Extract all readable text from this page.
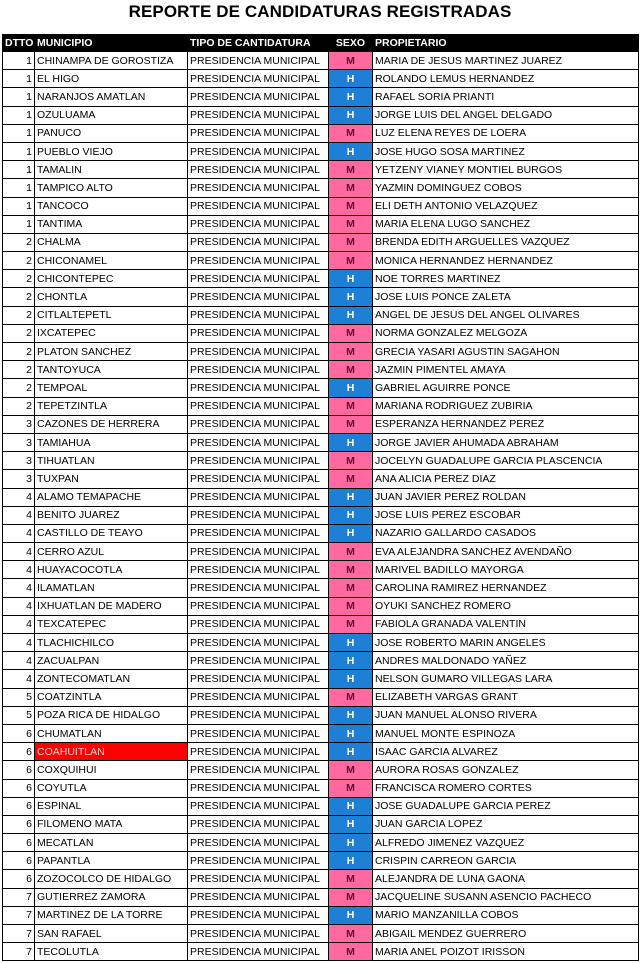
REPORTE DE CANDIDATURAS REGISTRADAS
DTTO	MUNICIPIO	TIPO DE CANTIDATURA	SEXO	PROPIETARIO
1	CHINAMPA DE GOROSTIZA	PRESIDENCIA MUNICIPAL	M	MARIA DE JESUS MARTINEZ JUAREZ
1	EL HIGO	PRESIDENCIA MUNICIPAL	H	ROLANDO LEMUS HERNANDEZ
1	NARANJOS AMATLAN	PRESIDENCIA MUNICIPAL	H	RAFAEL SORIA PRIANTI
1	OZULUAMA	PRESIDENCIA MUNICIPAL	H	JORGE LUIS DEL ANGEL DELGADO
1	PANUCO	PRESIDENCIA MUNICIPAL	M	LUZ ELENA REYES DE LOERA
1	PUEBLO VIEJO	PRESIDENCIA MUNICIPAL	H	JOSE HUGO SOSA MARTINEZ
1	TAMALIN	PRESIDENCIA MUNICIPAL	M	YETZENY VIANEY MONTIEL BURGOS
1	TAMPICO ALTO	PRESIDENCIA MUNICIPAL	M	YAZMIN DOMINGUEZ COBOS
1	TANCOCO	PRESIDENCIA MUNICIPAL	M	ELI DETH ANTONIO VELAZQUEZ
1	TANTIMA	PRESIDENCIA MUNICIPAL	M	MARIA ELENA LUGO SANCHEZ
2	CHALMA	PRESIDENCIA MUNICIPAL	M	BRENDA EDITH ARGUELLES VAZQUEZ
2	CHICONAMEL	PRESIDENCIA MUNICIPAL	M	MONICA HERNANDEZ HERNANDEZ
2	CHICONTEPEC	PRESIDENCIA MUNICIPAL	H	NOE TORRES MARTINEZ
2	CHONTLA	PRESIDENCIA MUNICIPAL	H	JOSE LUIS PONCE ZALETA
2	CITLALTEPETL	PRESIDENCIA MUNICIPAL	H	ANGEL DE JESUS DEL ANGEL OLIVARES
2	IXCATEPEC	PRESIDENCIA MUNICIPAL	M	NORMA GONZALEZ MELGOZA
2	PLATON SANCHEZ	PRESIDENCIA MUNICIPAL	M	GRECIA YASARI AGUSTIN SAGAHON
2	TANTOYUCA	PRESIDENCIA MUNICIPAL	M	JAZMIN PIMENTEL AMAYA
2	TEMPOAL	PRESIDENCIA MUNICIPAL	H	GABRIEL AGUIRRE PONCE
2	TEPETZINTLA	PRESIDENCIA MUNICIPAL	M	MARIANA RODRIGUEZ ZUBIRIA
3	CAZONES DE HERRERA	PRESIDENCIA MUNICIPAL	M	ESPERANZA HERNANDEZ PEREZ
3	TAMIAHUA	PRESIDENCIA MUNICIPAL	H	JORGE JAVIER AHUMADA ABRAHAM
3	TIHUATLAN	PRESIDENCIA MUNICIPAL	M	JOCELYN GUADALUPE GARCIA PLASCENCIA
3	TUXPAN	PRESIDENCIA MUNICIPAL	M	ANA ALICIA PEREZ DIAZ
4	ALAMO TEMAPACHE	PRESIDENCIA MUNICIPAL	H	JUAN JAVIER PEREZ ROLDAN
4	BENITO JUAREZ	PRESIDENCIA MUNICIPAL	H	JOSE LUIS PEREZ ESCOBAR
4	CASTILLO DE TEAYO	PRESIDENCIA MUNICIPAL	H	NAZARIO GALLARDO CASADOS
4	CERRO AZUL	PRESIDENCIA MUNICIPAL	M	EVA ALEJANDRA SANCHEZ AVENDAÑO
4	HUAYACOCOTLA	PRESIDENCIA MUNICIPAL	M	MARIVEL BADILLO MAYORGA
4	ILAMATLAN	PRESIDENCIA MUNICIPAL	M	CAROLINA RAMIREZ HERNANDEZ
4	IXHUATLAN DE MADERO	PRESIDENCIA MUNICIPAL	M	OYUKI SANCHEZ ROMERO
4	TEXCATEPEC	PRESIDENCIA MUNICIPAL	M	FABIOLA GRANADA VALENTIN
4	TLACHICHILCO	PRESIDENCIA MUNICIPAL	H	JOSE ROBERTO MARIN ANGELES
4	ZACUALPAN	PRESIDENCIA MUNICIPAL	H	ANDRES MALDONADO YAÑEZ
4	ZONTECOMATLAN	PRESIDENCIA MUNICIPAL	H	NELSON GUMARO VILLEGAS LARA
5	COATZINTLA	PRESIDENCIA MUNICIPAL	M	ELIZABETH VARGAS GRANT
5	POZA RICA DE HIDALGO	PRESIDENCIA MUNICIPAL	H	JUAN MANUEL ALONSO RIVERA
6	CHUMATLAN	PRESIDENCIA MUNICIPAL	H	MANUEL MONTE ESPINOZA
6	COAHUITLAN	PRESIDENCIA MUNICIPAL	H	ISAAC GARCIA ALVAREZ
6	COXQUIHUI	PRESIDENCIA MUNICIPAL	M	AURORA ROSAS GONZALEZ
6	COYUTLA	PRESIDENCIA MUNICIPAL	M	FRANCISCA ROMERO CORTES
6	ESPINAL	PRESIDENCIA MUNICIPAL	H	JOSE GUADALUPE GARCIA PEREZ
6	FILOMENO MATA	PRESIDENCIA MUNICIPAL	H	JUAN GARCIA LOPEZ
6	MECATLAN	PRESIDENCIA MUNICIPAL	H	ALFREDO JIMENEZ VAZQUEZ
6	PAPANTLA	PRESIDENCIA MUNICIPAL	H	CRISPIN CARREON GARCIA
6	ZOZOCOLCO DE HIDALGO	PRESIDENCIA MUNICIPAL	M	ALEJANDRA DE LUNA GAONA
7	GUTIERREZ ZAMORA	PRESIDENCIA MUNICIPAL	M	JACQUELINE SUSANN ASENCIO PACHECO
7	MARTINEZ DE LA TORRE	PRESIDENCIA MUNICIPAL	H	MARIO MANZANILLA COBOS
7	SAN RAFAEL	PRESIDENCIA MUNICIPAL	M	ABIGAIL MENDEZ GUERRERO
7	TECOLUTLA	PRESIDENCIA MUNICIPAL	M	MARIA ANEL POIZOT IRISSON
